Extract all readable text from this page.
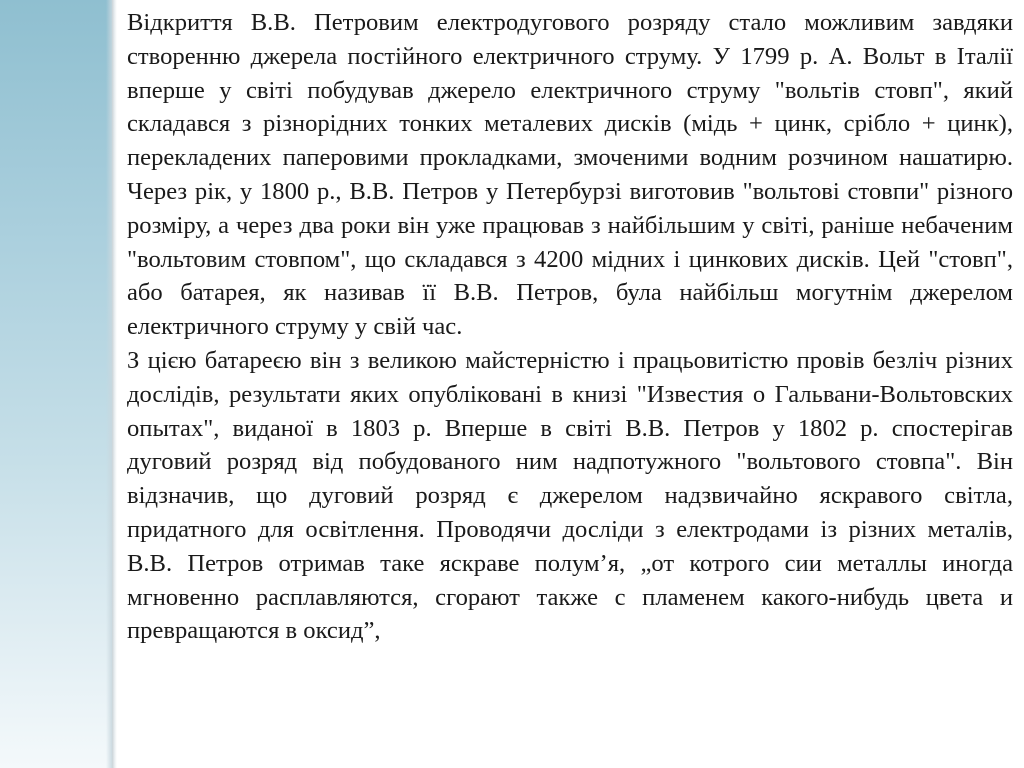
Відкриття В.В. Петровим електродугового розряду стало можливим завдяки створенню джерела постійного електричного струму. У 1799 р. А. Вольт в Італії вперше у світі побудував джерело електричного струму "вольтів стовп", який складався з різнорідних тонких металевих дисків (мідь + цинк, срібло + цинк), перекладених паперовими прокладками, змоченими водним розчином нашатирю. Через рік, у 1800 р., В.В. Петров у Петербурзі виготовив "вольтові стовпи" різного розміру, а через два роки він уже працював з найбільшим у світі, раніше небаченим "вольтовим стовпом", що складався з 4200 мідних і цинкових дисків. Цей "стовп", або батарея, як називав її В.В. Петров, була найбільш могутнім джерелом електричного струму у свій час.

З цією батареєю він з великою майстерністю і працьовитістю провів безліч різних дослідів, результати яких опубліковані в книзі "Известия о Гальвани-Вольтовских опытах", виданої в 1803 р. Вперше в світі В.В. Петров у 1802 р. спостерігав дуговий розряд від побудованого ним надпотужного "вольтового стовпа". Він відзначив, що дуговий розряд є джерелом надзвичайно яскравого світла, придатного для освітлення. Проводячи досліди з електродами із різних металів, В.В. Петров отримав таке яскраве полум’я, „от котрого сии металлы иногда мгновенно расплавляются, сгорают также с пламенем какого-нибудь цвета и превращаются в оксид”,
